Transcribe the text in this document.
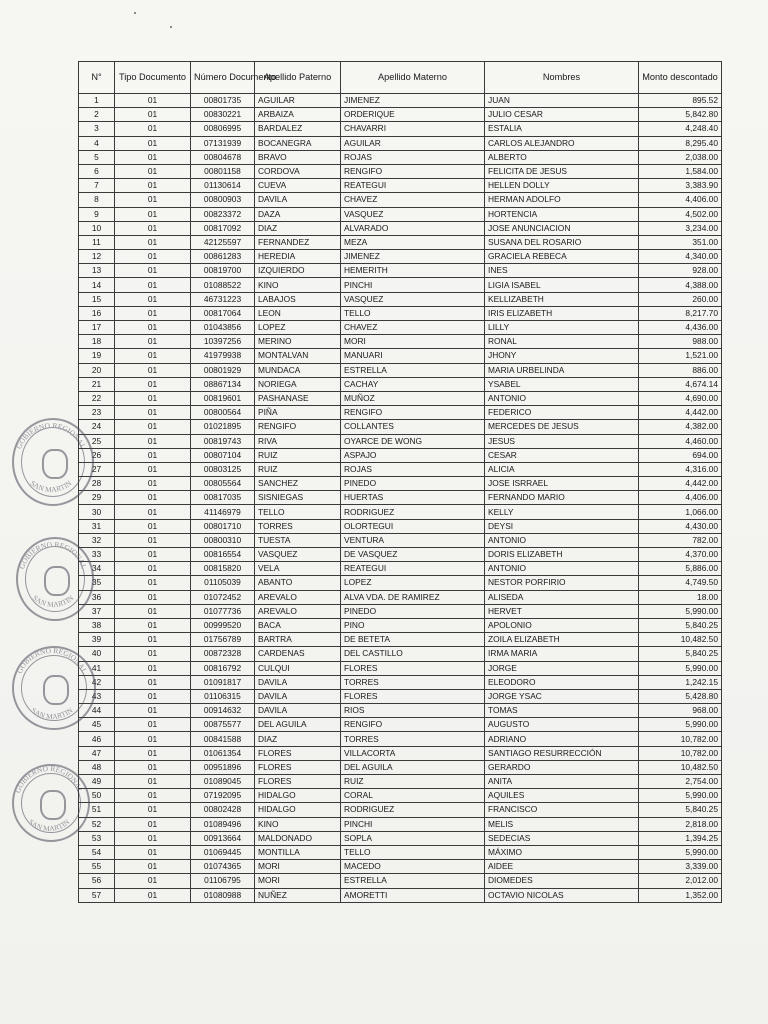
N°	Tipo Documento	Número Documento	Apellido Paterno	Apellido Materno	Nombres	Monto descontado
1	01	00801735	AGUILAR	JIMENEZ	JUAN	895.52
2	01	00830221	ARBAIZA	ORDERIQUE	JULIO CESAR	5,842.80
3	01	00806995	BARDALEZ	CHAVARRI	ESTALIA	4,248.40
4	01	07131939	BOCANEGRA	AGUILAR	CARLOS ALEJANDRO	8,295.40
5	01	00804678	BRAVO	ROJAS	ALBERTO	2,038.00
6	01	00801158	CORDOVA	RENGIFO	FELICITA DE JESUS	1,584.00
7	01	01130614	CUEVA	REATEGUI	HELLEN DOLLY	3,383.90
8	01	00800903	DAVILA	CHAVEZ	HERMAN ADOLFO	4,406.00
9	01	00823372	DAZA	VASQUEZ	HORTENCIA	4,502.00
10	01	00817092	DIAZ	ALVARADO	JOSE ANUNCIACION	3,234.00
11	01	42125597	FERNANDEZ	MEZA	SUSANA DEL ROSARIO	351.00
12	01	00861283	HEREDIA	JIMENEZ	GRACIELA REBECA	4,340.00
13	01	00819700	IZQUIERDO	HEMERITH	INES	928.00
14	01	01088522	KINO	PINCHI	LIGIA ISABEL	4,388.00
15	01	46731223	LABAJOS	VASQUEZ	KELLIZABETH	260.00
16	01	00817064	LEON	TELLO	IRIS ELIZABETH	8,217.70
17	01	01043856	LOPEZ	CHAVEZ	LILLY	4,436.00
18	01	10397256	MERINO	MORI	RONAL	988.00
19	01	41979938	MONTALVAN	MANUARI	JHONY	1,521.00
20	01	00801929	MUNDACA	ESTRELLA	MARIA URBELINDA	886.00
21	01	08867134	NORIEGA	CACHAY	YSABEL	4,674.14
22	01	00819601	PASHANASE	MUÑOZ	ANTONIO	4,690.00
23	01	00800564	PIÑA	RENGIFO	FEDERICO	4,442.00
24	01	01021895	RENGIFO	COLLANTES	MERCEDES DE JESUS	4,382.00
25	01	00819743	RIVA	OYARCE DE WONG	JESUS	4,460.00
26	01	00807104	RUIZ	ASPAJO	CESAR	694.00
27	01	00803125	RUIZ	ROJAS	ALICIA	4,316.00
28	01	00805564	SANCHEZ	PINEDO	JOSE ISRRAEL	4,442.00
29	01	00817035	SISNIEGAS	HUERTAS	FERNANDO MARIO	4,406.00
30	01	41146979	TELLO	RODRIGUEZ	KELLY	1,066.00
31	01	00801710	TORRES	OLORTEGUI	DEYSI	4,430.00
32	01	00800310	TUESTA	VENTURA	ANTONIO	782.00
33	01	00816554	VASQUEZ	DE VASQUEZ	DORIS ELIZABETH	4,370.00
34	01	00815820	VELA	REATEGUI	ANTONIO	5,886.00
35	01	01105039	ABANTO	LOPEZ	NESTOR PORFIRIO	4,749.50
36	01	01072452	AREVALO	ALVA VDA. DE RAMIREZ	ALISEDA	18.00
37	01	01077736	AREVALO	PINEDO	HERVET	5,990.00
38	01	00999520	BACA	PINO	APOLONIO	5,840.25
39	01	01756789	BARTRA	DE BETETA	ZOILA ELIZABETH	10,482.50
40	01	00872328	CARDENAS	DEL CASTILLO	IRMA MARIA	5,840.25
41	01	00816792	CULQUI	FLORES	JORGE	5,990.00
42	01	01091817	DAVILA	TORRES	ELEODORO	1,242.15
43	01	01106315	DAVILA	FLORES	JORGE YSAC	5,428.80
44	01	00914632	DAVILA	RIOS	TOMAS	968.00
45	01	00875577	DEL AGUILA	RENGIFO	AUGUSTO	5,990.00
46	01	00841588	DIAZ	TORRES	ADRIANO	10,782.00
47	01	01061354	FLORES	VILLACORTA	SANTIAGO RESURRECCIÓN	10,782.00
48	01	00951896	FLORES	DEL AGUILA	GERARDO	10,482.50
49	01	01089045	FLORES	RUIZ	ANITA	2,754.00
50	01	07192095	HIDALGO	CORAL	AQUILES	5,990.00
51	01	00802428	HIDALGO	RODRIGUEZ	FRANCISCO	5,840.25
52	01	01089496	KINO	PINCHI	MELIS	2,818.00
53	01	00913664	MALDONADO	SOPLA	SEDECIAS	1,394.25
54	01	01069445	MONTILLA	TELLO	MÁXIMO	5,990.00
55	01	01074365	MORI	MACEDO	AIDEE	3,339.00
56	01	01106795	MORI	ESTRELLA	DIOMEDES	2,012.00
57	01	01080988	NUÑEZ	AMORETTI	OCTAVIO NICOLAS	1,352.00
GOBIERNO REGIONAL
SAN MARTIN
GOBIERNO REGIONAL
SAN MARTIN
GOBIERNO REGIONAL
SAN MARTIN
GOBIERNO REGIONAL
SAN MARTIN
